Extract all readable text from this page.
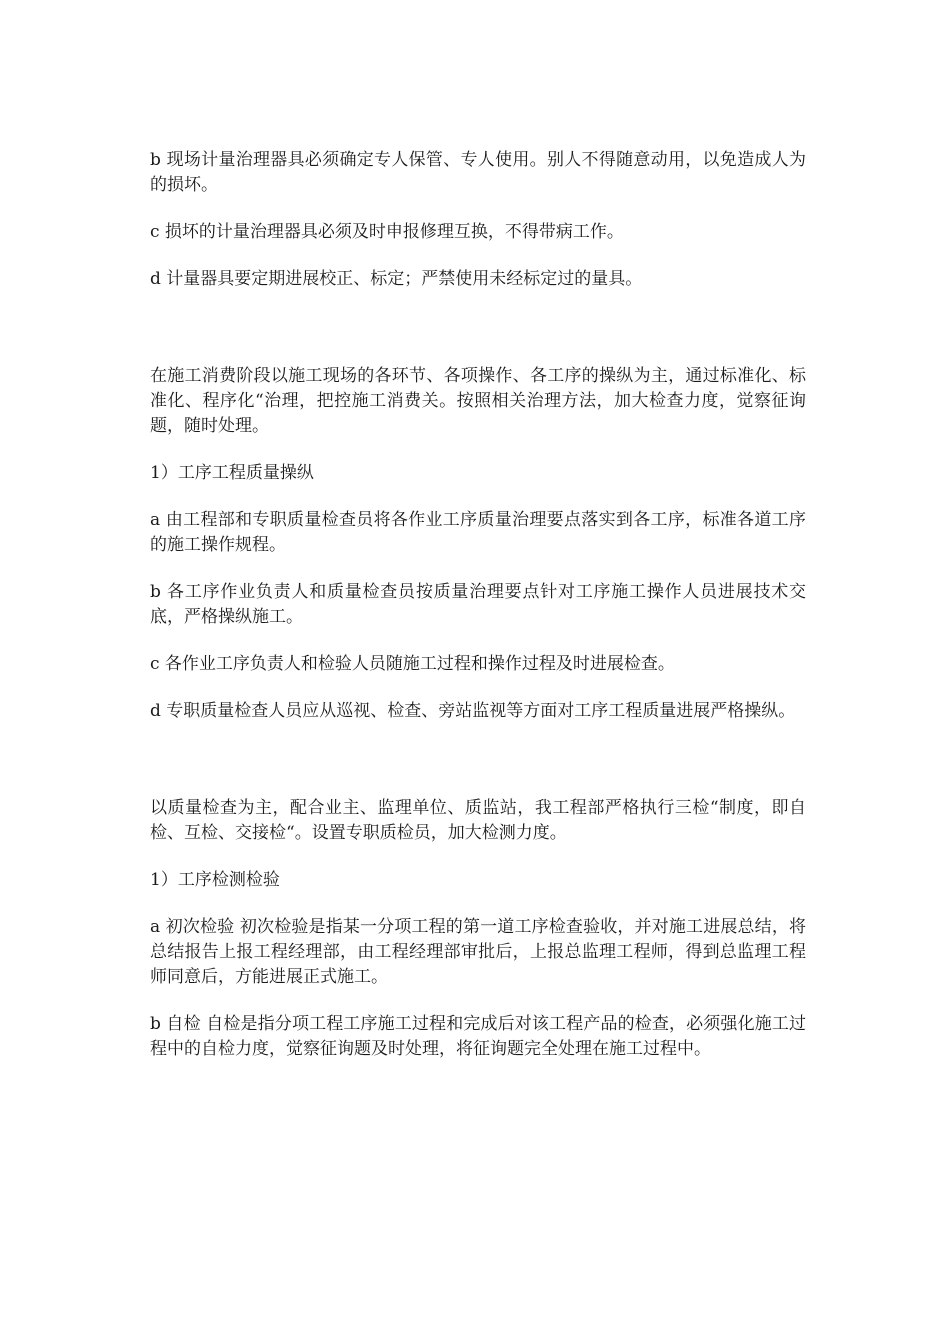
b 现场计量治理器具必须确定专人保管、专人使用。别人不得随意动用，以免造成人为的损坏。

c 损坏的计量治理器具必须及时申报修理互换，不得带病工作。

d 计量器具要定期进展校正、标定；严禁使用未经标定过的量具。

在施工消费阶段以施工现场的各环节、各项操作、各工序的操纵为主，通过标准化、标准化、程序化“治理，把控施工消费关。按照相关治理方法，加大检查力度，觉察征询题，随时处理。

1）工序工程质量操纵

a 由工程部和专职质量检查员将各作业工序质量治理要点落实到各工序，标准各道工序的施工操作规程。

b 各工序作业负责人和质量检查员按质量治理要点针对工序施工操作人员进展技术交底，严格操纵施工。

c 各作业工序负责人和检验人员随施工过程和操作过程及时进展检查。

d 专职质量检查人员应从巡视、检查、旁站监视等方面对工序工程质量进展严格操纵。

以质量检查为主，配合业主、监理单位、质监站，我工程部严格执行三检“制度，即自检、互检、交接检“。设置专职质检员，加大检测力度。

1）工序检测检验

a 初次检验 初次检验是指某一分项工程的第一道工序检查验收，并对施工进展总结，将总结报告上报工程经理部，由工程经理部审批后，上报总监理工程师，得到总监理工程师同意后，方能进展正式施工。

b 自检 自检是指分项工程工序施工过程和完成后对该工程产品的检查，必须强化施工过程中的自检力度，觉察征询题及时处理，将征询题完全处理在施工过程中。
